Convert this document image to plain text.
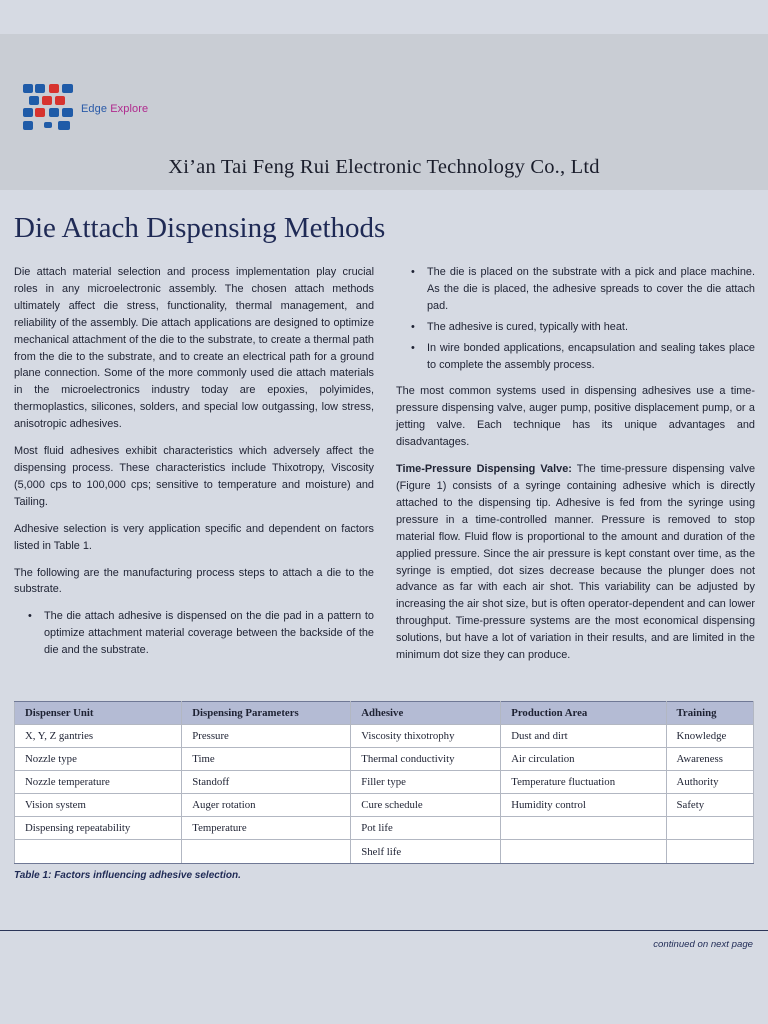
Edge Explore
Xi’an Tai Feng Rui Electronic Technology Co., Ltd
Die Attach Dispensing Methods

Die attach material selection and process implementation play crucial roles in any microelectronic assembly. The chosen attach methods ultimately affect die stress, functionality, thermal management, and reliability of the assembly. Die attach applications are designed to optimize mechanical attachment of the die to the substrate, to create a thermal path from the die to the substrate, and to create an electrical path for a ground plane connection. Some of the more commonly used die attach materials in the microelectronics industry today are epoxies, polyimides, thermoplastics, silicones, solders, and special low outgassing, low stress, anisotropic adhesives.

Most fluid adhesives exhibit characteristics which adversely affect the dispensing process. These characteristics include Thixotropy, Viscosity (5,000 cps to 100,000 cps; sensitive to temperature and moisture) and Tailing.

Adhesive selection is very application specific and dependent on factors listed in Table 1.

The following are the manufacturing process steps to attach a die to the substrate.

• The die attach adhesive is dispensed on the die pad in a pattern to optimize attachment material coverage between the backside of the die and the substrate.
• The die is placed on the substrate with a pick and place machine. As the die is placed, the adhesive spreads to cover the die attach pad.
• The adhesive is cured, typically with heat.
• In wire bonded applications, encapsulation and sealing takes place to complete the assembly process.

The most common systems used in dispensing adhesives use a time-pressure dispensing valve, auger pump, positive displacement pump, or a jetting valve. Each technique has its unique advantages and disadvantages.

Time-Pressure Dispensing Valve: The time-pressure dispensing valve (Figure 1) consists of a syringe containing adhesive which is directly attached to the dispensing tip. Adhesive is fed from the syringe using pressure in a time-controlled manner. Pressure is removed to stop material flow. Fluid flow is proportional to the amount and duration of the applied pressure. Since the air pressure is kept constant over time, as the syringe is emptied, dot sizes decrease because the plunger does not advance as far with each air shot. This variability can be adjusted by increasing the air shot size, but is often operator-dependent and can lower throughput. Time-pressure systems are the most economical dispensing solutions, but have a lot of variation in their results, and are limited in the minimum dot size they can produce.

Dispenser Unit	Dispensing Parameters	Adhesive	Production Area	Training
X, Y, Z gantries	Pressure	Viscosity thixotrophy	Dust and dirt	Knowledge
Nozzle type	Time	Thermal conductivity	Air circulation	Awareness
Nozzle temperature	Standoff	Filler type	Temperature fluctuation	Authority
Vision system	Auger rotation	Cure schedule	Humidity control	Safety
Dispensing repeatability	Temperature	Pot life		
		Shelf life		
Table 1: Factors influencing adhesive selection.
continued on next page
